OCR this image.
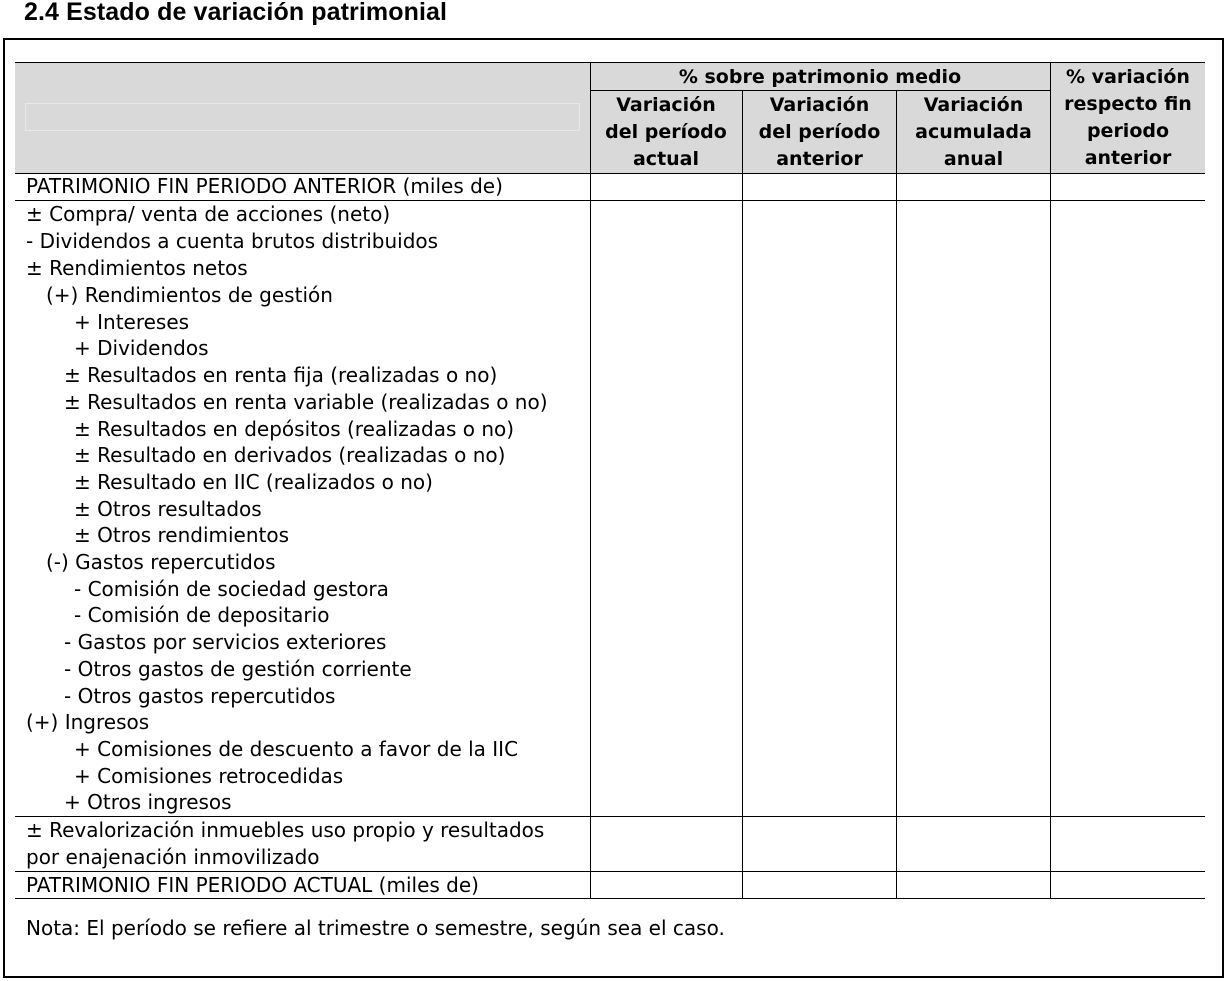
2.4 Estado de variación patrimonial
% sobre patrimonio medio
Variación
del período
actual
Variación
del período
anterior
Variación
acumulada
anual
% variación
respecto fin
periodo
anterior
PATRIMONIO FIN PERIODO ANTERIOR (miles de)
± Compra/ venta de acciones (neto)
- Dividendos a cuenta brutos distribuidos
± Rendimientos netos
(+) Rendimientos de gestión
+ Intereses
+ Dividendos
± Resultados en renta fija (realizadas o no)
± Resultados en renta variable (realizadas o no)
± Resultados en depósitos (realizadas o no)
± Resultado en derivados (realizadas o no)
± Resultado en IIC (realizados o no)
± Otros resultados
± Otros rendimientos
(-) Gastos repercutidos
- Comisión de sociedad gestora
- Comisión de depositario
- Gastos por servicios exteriores
- Otros gastos de gestión corriente
- Otros gastos repercutidos
(+) Ingresos
+ Comisiones de descuento a favor de la IIC
+ Comisiones retrocedidas
+ Otros ingresos
± Revalorización inmuebles uso propio y resultados
por enajenación inmovilizado
PATRIMONIO FIN PERIODO ACTUAL (miles de)
Nota: El período se refiere al trimestre o semestre, según sea el caso.
